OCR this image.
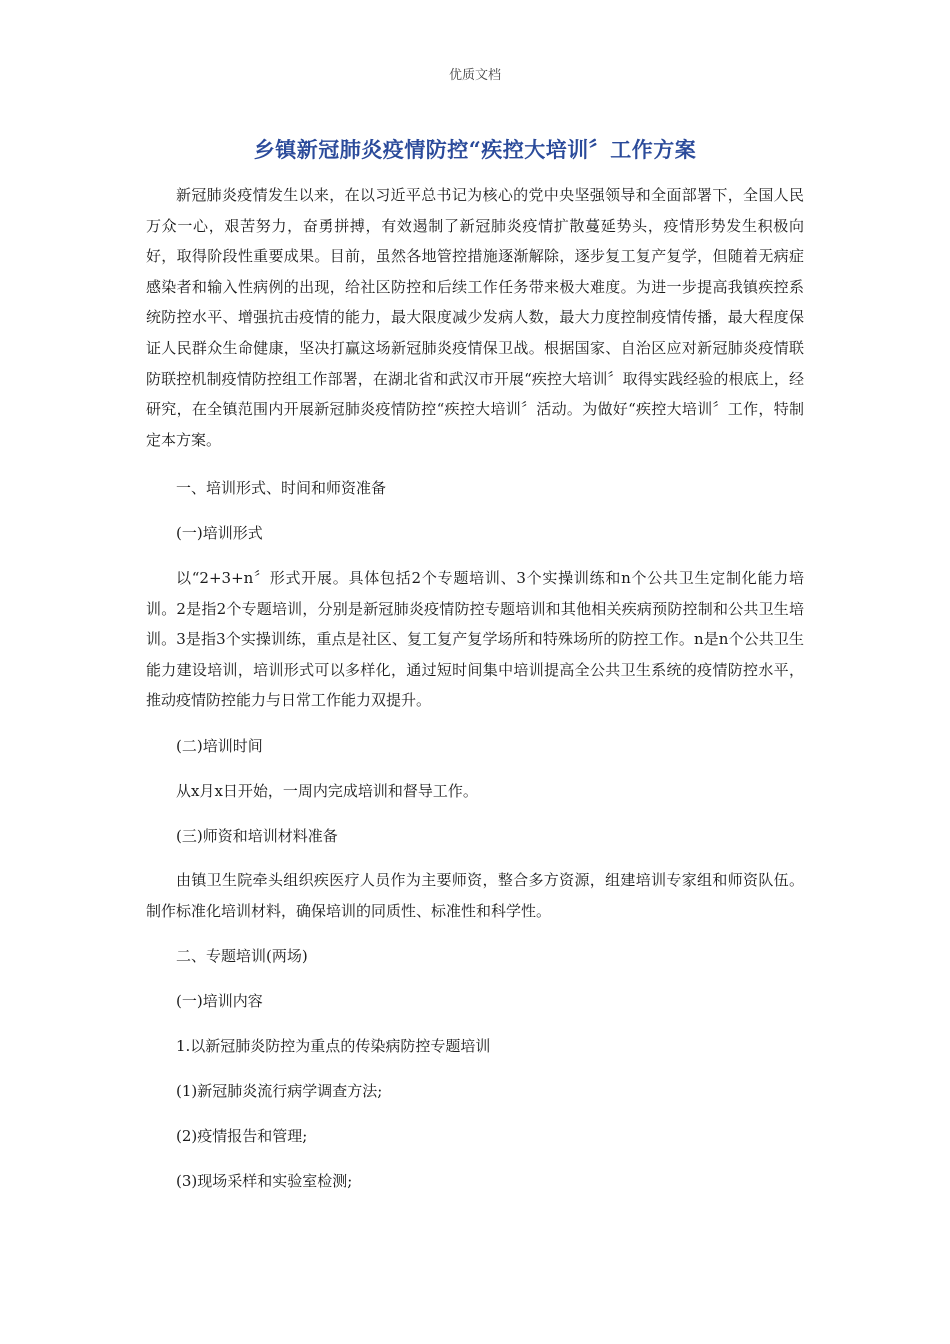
优质文档
乡镇新冠肺炎疫情防控“疾控大培训〞工作方案

新冠肺炎疫情发生以来，在以习近平总书记为核心的党中央坚强领导和全面部署下，全国人民万众一心，艰苦努力，奋勇拼搏，有效遏制了新冠肺炎疫情扩散蔓延势头，疫情形势发生积极向好，取得阶段性重要成果。目前，虽然各地管控措施逐渐解除，逐步复工复产复学，但随着无病症感染者和输入性病例的出现，给社区防控和后续工作任务带来极大难度。为进一步提高我镇疾控系统防控水平、增强抗击疫情的能力，最大限度减少发病人数，最大力度控制疫情传播，最大程度保证人民群众生命健康，坚决打赢这场新冠肺炎疫情保卫战。根据国家、自治区应对新冠肺炎疫情联防联控机制疫情防控组工作部署，在湖北省和武汉市开展“疾控大培训〞取得实践经验的根底上，经研究，在全镇范围内开展新冠肺炎疫情防控“疾控大培训〞活动。为做好“疾控大培训〞工作，特制定本方案。

一、培训形式、时间和师资准备

(一)培训形式

以“2+3+n〞形式开展。具体包括2个专题培训、3个实操训练和n个公共卫生定制化能力培训。2是指2个专题培训，分别是新冠肺炎疫情防控专题培训和其他相关疾病预防控制和公共卫生培训。3是指3个实操训练，重点是社区、复工复产复学场所和特殊场所的防控工作。n是n个公共卫生能力建设培训，培训形式可以多样化，通过短时间集中培训提高全公共卫生系统的疫情防控水平，推动疫情防控能力与日常工作能力双提升。

(二)培训时间

从x月x日开始，一周内完成培训和督导工作。

(三)师资和培训材料准备

由镇卫生院牵头组织疾医疗人员作为主要师资，整合多方资源，组建培训专家组和师资队伍。制作标准化培训材料，确保培训的同质性、标准性和科学性。

二、专题培训(两场)

(一)培训内容

1.以新冠肺炎防控为重点的传染病防控专题培训

(1)新冠肺炎流行病学调查方法;

(2)疫情报告和管理;

(3)现场采样和实验室检测;
